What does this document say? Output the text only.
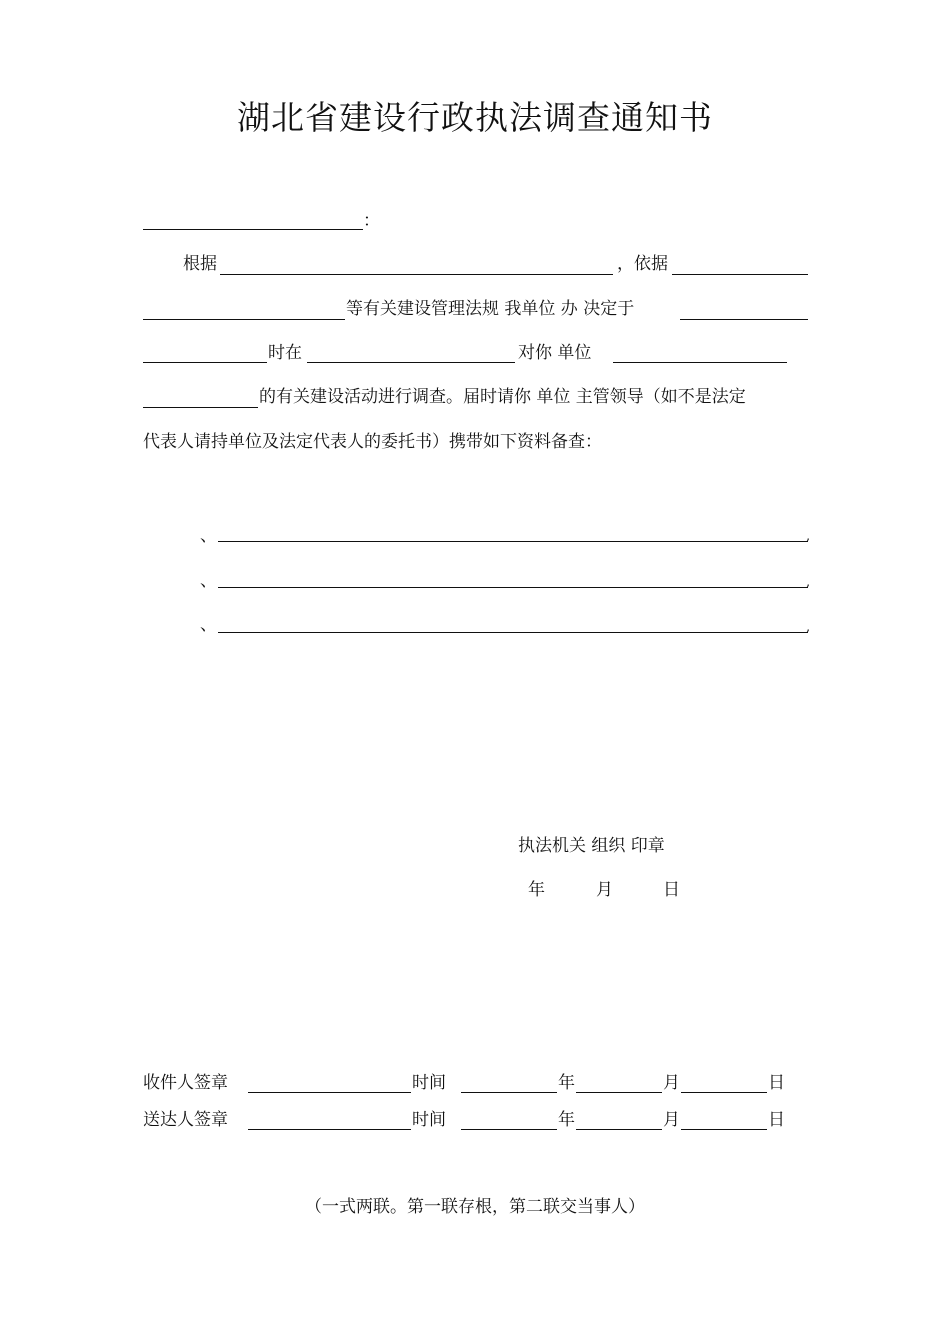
湖北省建设行政执法调查通知书
：
根据	，依据
等有关建设管理法规 我单位 办 决定于
时在	对你 单位
的有关建设活动进行调查。届时请你 单位 主管领导（如不是法定
代表人请持单位及法定代表人的委托书）携带如下资料备查：
、	,
、	,
、	,
执法机关 组织 印章
年	月	日
收件人签章	时间	年	月	日
送达人签章	时间	年	月	日
（一式两联。第一联存根，第二联交当事人）
